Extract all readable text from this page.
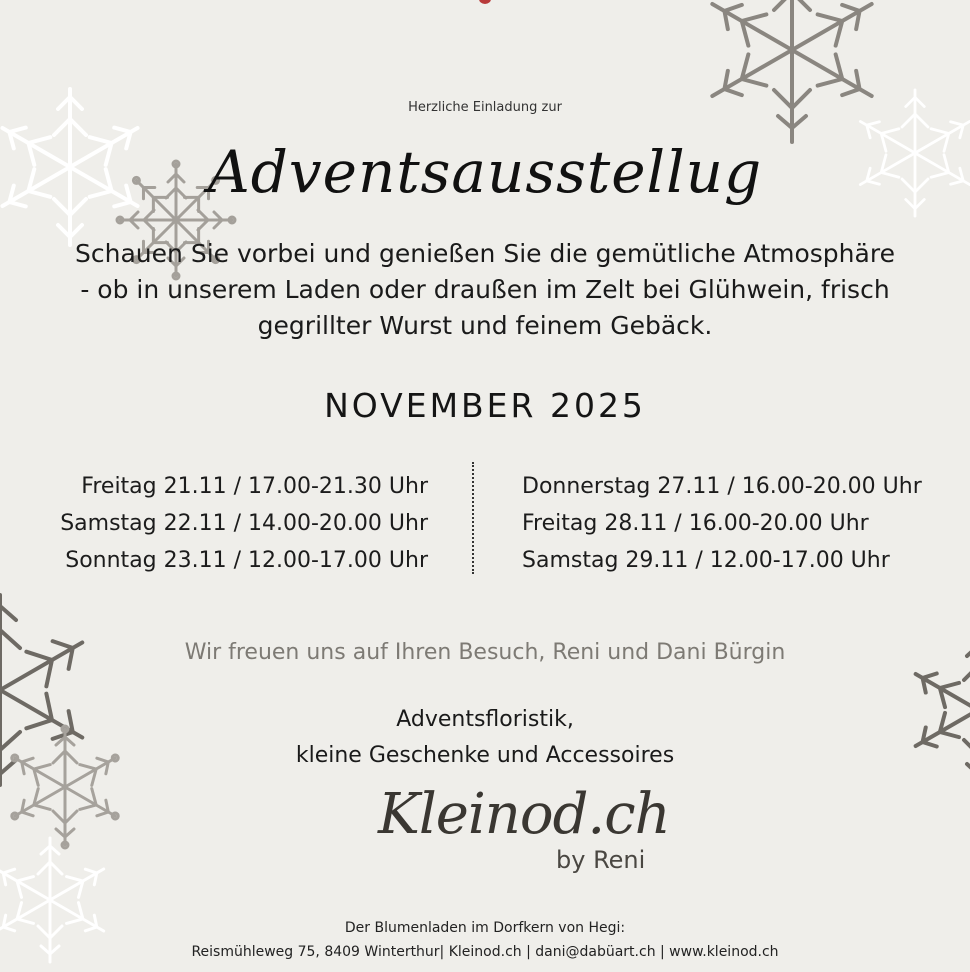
Herzliche Einladung zur
Adventsausstellug
Schauen Sie vorbei und genießen Sie die gemütliche Atmosphäre
- ob in unserem Laden oder draußen im Zelt bei Glühwein, frisch
gegrillter Wurst und feinem Gebäck.
NOVEMBER 2025
Freitag 21.11 / 17.00-21.30 Uhr
Samstag 22.11 / 14.00-20.00 Uhr
Sonntag 23.11 / 12.00-17.00 Uhr
Donnerstag 27.11 / 16.00-20.00 Uhr
Freitag 28.11 / 16.00-20.00 Uhr
Samstag 29.11 / 12.00-17.00 Uhr
Wir freuen uns auf Ihren Besuch, Reni und Dani Bürgin
Adventsfloristik,
kleine Geschenke und Accessoires
Kleinod.ch
by Reni
Der Blumenladen im Dorfkern von Hegi:
Reismühleweg 75, 8409 Winterthur| Kleinod.ch | dani@dabüart.ch | www.kleinod.ch
